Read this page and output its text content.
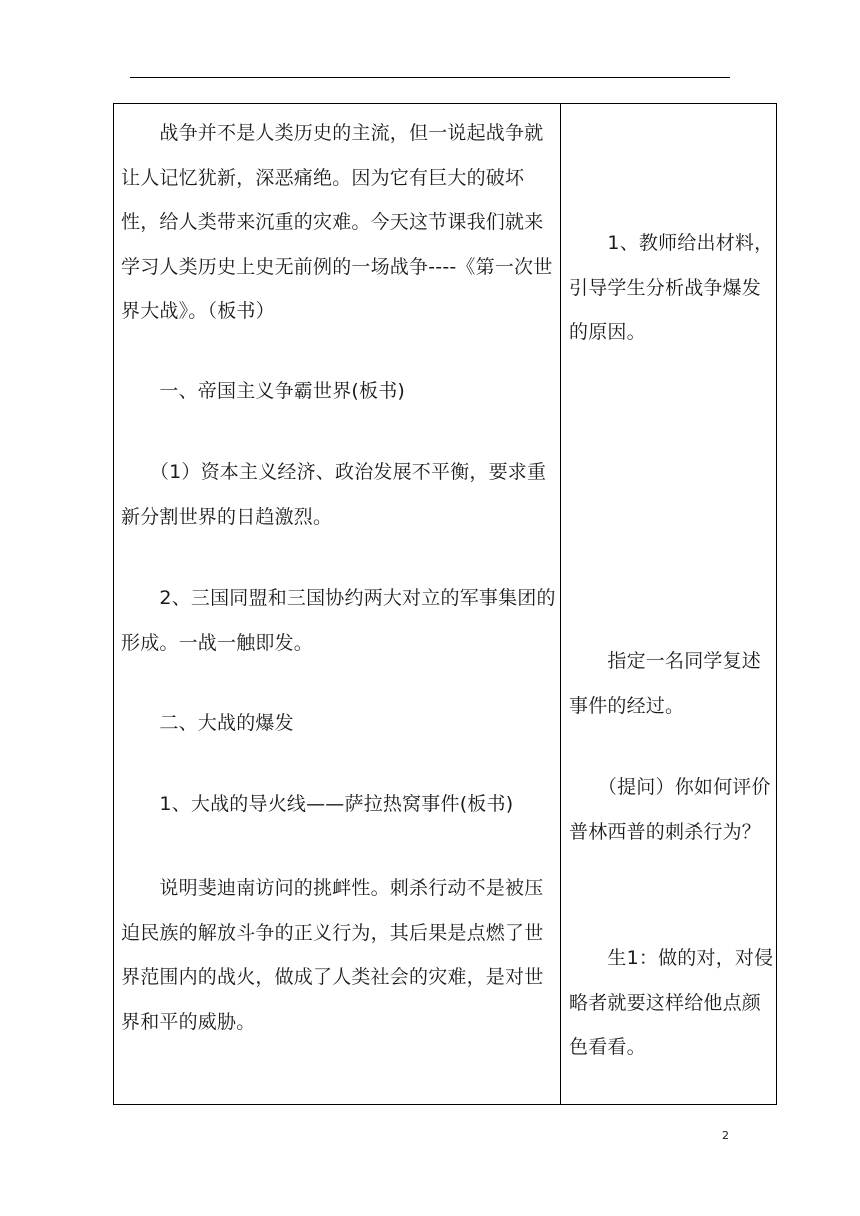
　　战争并不是人类历史的主流，但一说起战争就让人记忆犹新，深恶痛绝。因为它有巨大的破坏性，给人类带来沉重的灾难。今天这节课我们就来学习人类历史上史无前例的一场战争----《第一次世界大战》。（板书）

　　一、帝国主义争霸世界(板书)

　　（1）资本主义经济、政治发展不平衡，要求重新分割世界的日趋激烈。

　　2、三国同盟和三国协约两大对立的军事集团的形成。一战一触即发。

　　二、大战的爆发

　　1、大战的导火线——萨拉热窝事件(板书)

　　说明斐迪南访问的挑衅性。刺杀行动不是被压迫民族的解放斗争的正义行为，其后果是点燃了世界范围内的战火，做成了人类社会的灾难，是对世界和平的威胁。

　　1、教师给出材料，引导学生分析战争爆发的原因。

　　指定一名同学复述事件的经过。

　　（提问）你如何评价普林西普的刺杀行为？

　　生1：做的对，对侵略者就要这样给他点颜色看看。

2
